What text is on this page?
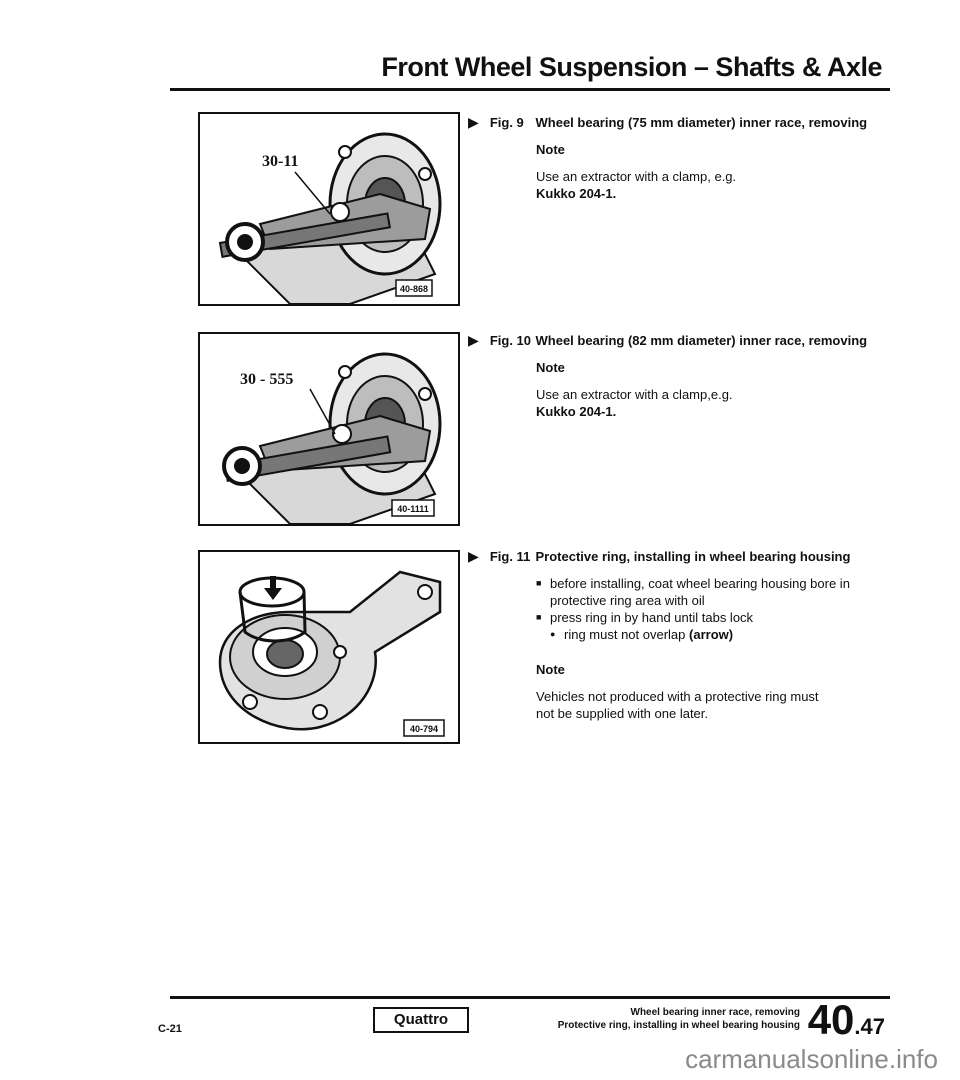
Front Wheel Suspension – Shafts & Axle
30-11
40-868
▶ Fig. 9 Wheel bearing (75 mm diameter) inner race, removing
Note
Use an extractor with a clamp, e.g.
Kukko 204-1.
30 - 555
40-1111
▶ Fig. 10 Wheel bearing (82 mm diameter) inner race, removing
Note
Use an extractor with a clamp,e.g.
Kukko 204-1.
40-794
▶ Fig. 11 Protective ring, installing in wheel bearing housing
■ before installing, coat wheel bearing housing bore in protective ring area with oil
■ press ring in by hand until tabs lock
● ring must not overlap (arrow)
Note
Vehicles not produced with a protective ring must not be supplied with one later.
C-21
Quattro	Wheel bearing inner race, removing
Protective ring, installing in wheel bearing housing 40.47
carmanualsonline.info
